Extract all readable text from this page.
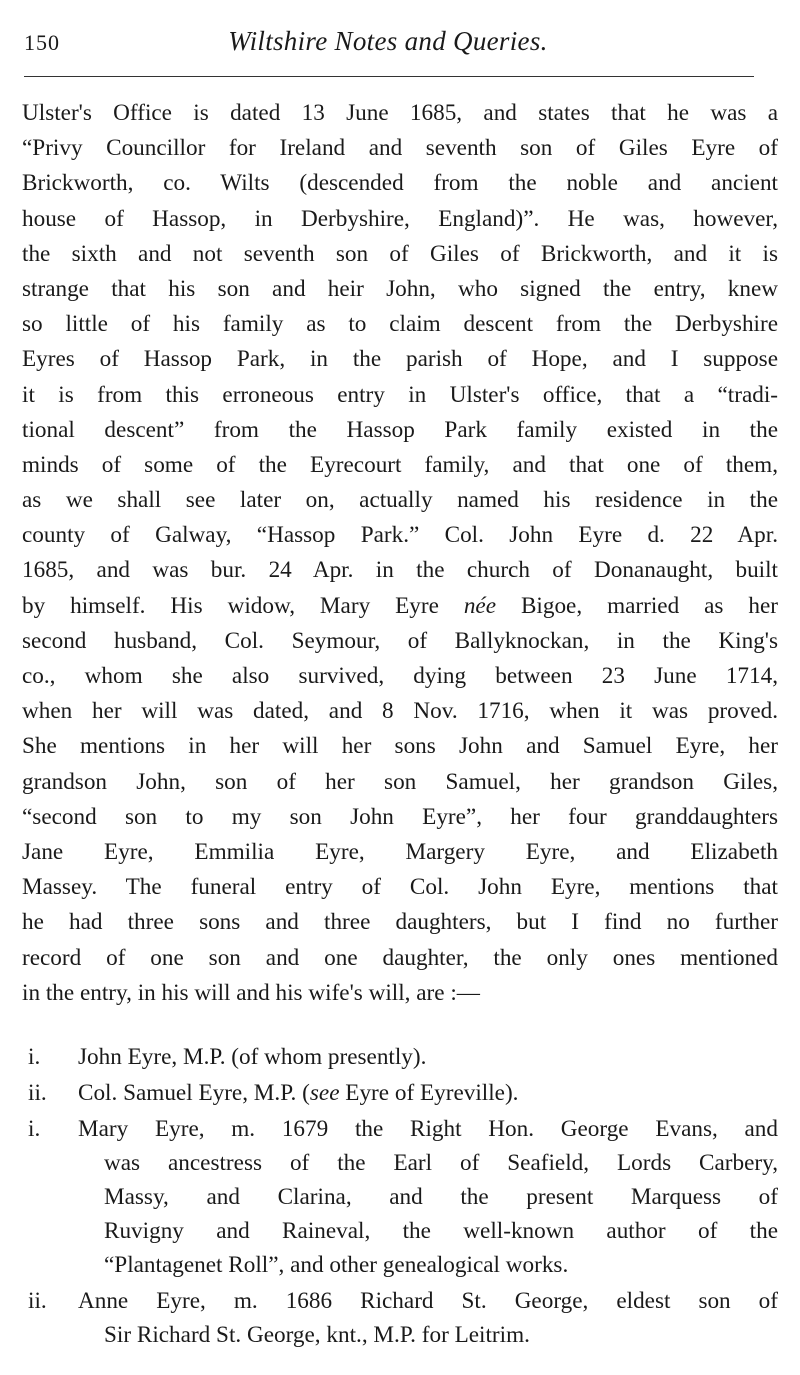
150	Wiltshire Notes and Queries.
Ulster's Office is dated 13 June 1685, and states that he was a
“Privy Councillor for Ireland and seventh son of Giles Eyre of
Brickworth, co. Wilts (descended from the noble and ancient
house of Hassop, in Derbyshire, England)”. He was, however,
the sixth and not seventh son of Giles of Brickworth, and it is
strange that his son and heir John, who signed the entry, knew
so little of his family as to claim descent from the Derbyshire
Eyres of Hassop Park, in the parish of Hope, and I suppose
it is from this erroneous entry in Ulster's office, that a “tradi-
tional descent” from the Hassop Park family existed in the
minds of some of the Eyrecourt family, and that one of them,
as we shall see later on, actually named his residence in the
county of Galway, “Hassop Park.” Col. John Eyre d. 22 Apr.
1685, and was bur. 24 Apr. in the church of Donanaught, built
by himself. His widow, Mary Eyre née Bigoe, married as her
second husband, Col. Seymour, of Ballyknockan, in the King's
co., whom she also survived, dying between 23 June 1714,
when her will was dated, and 8 Nov. 1716, when it was proved.
She mentions in her will her sons John and Samuel Eyre, her
grandson John, son of her son Samuel, her grandson Giles,
“second son to my son John Eyre”, her four granddaughters
Jane Eyre, Emmilia Eyre, Margery Eyre, and Elizabeth
Massey. The funeral entry of Col. John Eyre, mentions that
he had three sons and three daughters, but I find no further
record of one son and one daughter, the only ones mentioned
in the entry, in his will and his wife's will, are :—
i.	John Eyre, M.P. (of whom presently).
ii.	Col. Samuel Eyre, M.P. (see Eyre of Eyreville).
i.	Mary Eyre, m. 1679 the Right Hon. George Evans, and
was ancestress of the Earl of Seafield, Lords Carbery,
Massy, and Clarina, and the present Marquess of
Ruvigny and Raineval, the well-known author of the
“Plantagenet Roll”, and other genealogical works.
ii.	Anne Eyre, m. 1686 Richard St. George, eldest son of
Sir Richard St. George, knt., M.P. for Leitrim.
